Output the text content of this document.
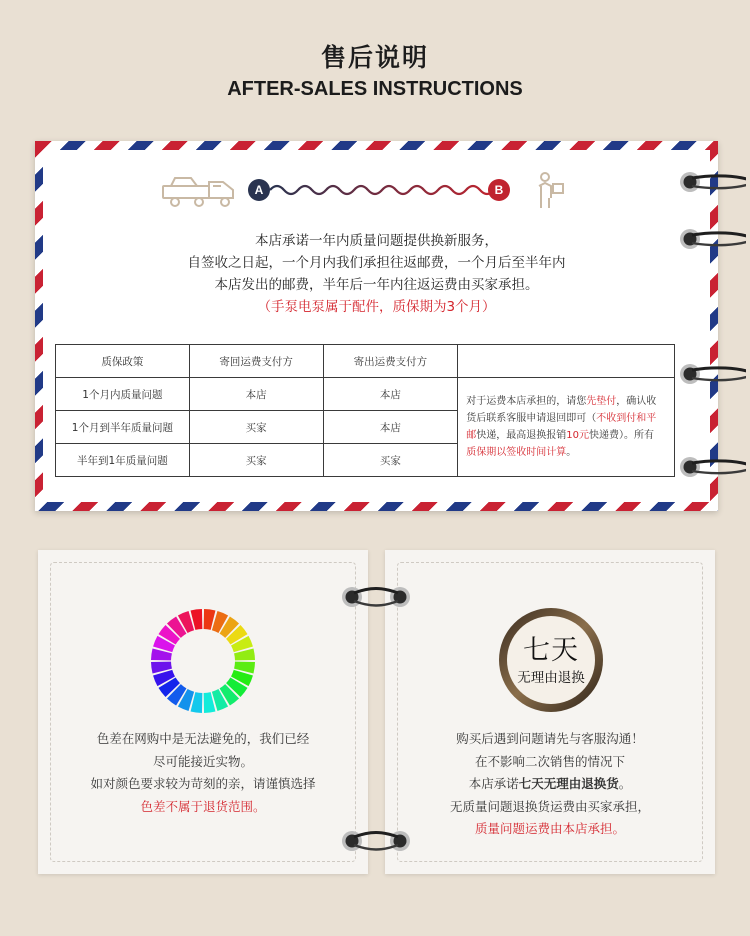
售后说明
AFTER-SALES INSTRUCTIONS
A	B
本店承诺一年内质量问题提供换新服务，
自签收之日起，一个月内我们承担往返邮费，一个月后至半年内
本店发出的邮费，半年后一年内往返运费由买家承担。
（手泵电泵属于配件，质保期为3个月）
质保政策	寄回运费支付方	寄出运费支付方	
1个月内质量问题	本店	本店	对于运费本店承担的，请您先垫付，确认收货后联系客服申请退回即可（不收到付和平邮快递，最高退换报销10元快递费）。所有质保期以签收时间计算。
1个月到半年质量问题	买家	本店	
半年到1年质量问题	买家	买家	
色差在网购中是无法避免的，我们已经
尽可能接近实物。
如对颜色要求较为苛刻的亲，请谨慎选择
色差不属于退货范围。
七天
无理由退换
购买后遇到问题请先与客服沟通！
在不影响二次销售的情况下
本店承诺七天无理由退换货。
无质量问题退换货运费由买家承担，
质量问题运费由本店承担。
